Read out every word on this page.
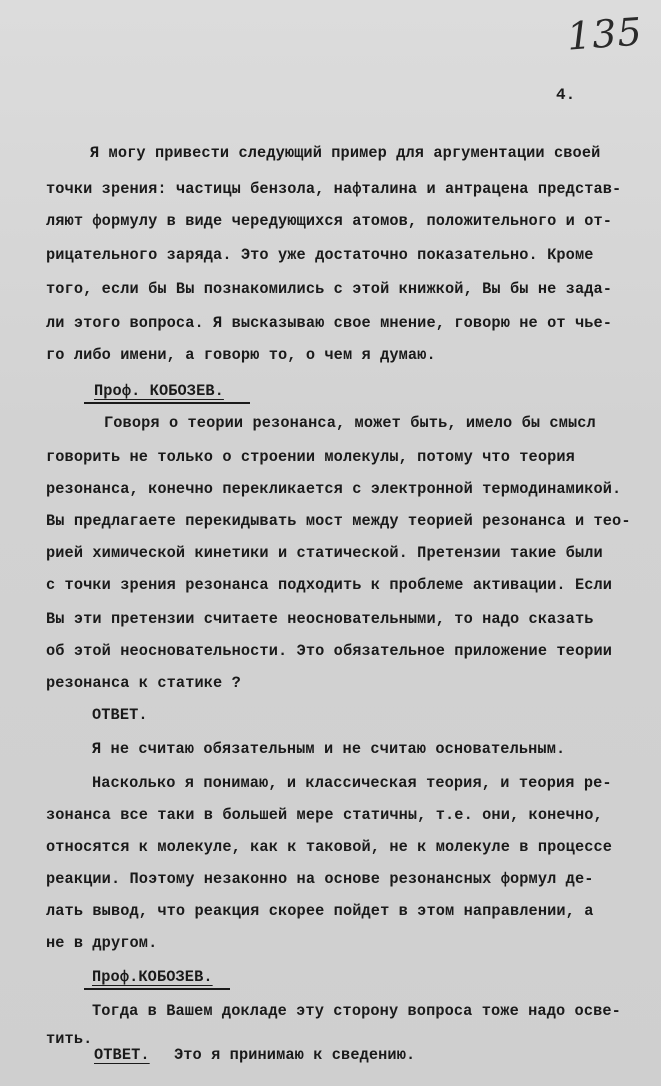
135
4.
Я могу привести следующий пример для аргументации своей
точки зрения: частицы бензола, нафталина и антрацена представ-
ляют формулу в виде чередующихся атомов, положительного и от-
рицательного заряда. Это уже достаточно показательно. Кроме
того, если бы Вы познакомились с этой книжкой, Вы бы не зада-
ли этого вопроса. Я высказываю свое мнение, говорю не от чье-
го либо имени, а говорю то, о чем я думаю.
Проф. КОБОЗЕВ.
Говоря о теории резонанса, может быть, имело бы смысл
говорить не только о строении молекулы, потому что теория
резонанса, конечно перекликается с электронной термодинамикой.
Вы предлагаете перекидывать мост между теорией резонанса и тео-
рией химической кинетики и статической. Претензии такие были
с точки зрения резонанса подходить к проблеме активации. Если
Вы эти претензии считаете неосновательными, то надо сказать
об этой неосновательности. Это обязательное приложение теории
резонанса к статике ?
ОТВЕТ.
Я не считаю обязательным и не считаю основательным.
Насколько я понимаю, и классическая теория, и теория ре-
зонанса все таки в большей мере статичны, т.е. они, конечно,
относятся к молекуле, как к таковой, не к молекуле в процессе
реакции. Поэтому незаконно на основе резонансных формул де-
лать вывод, что реакция скорее пойдет в этом направлении, а
не в другом.
Проф.КОБОЗЕВ.
Тогда в Вашем докладе эту сторону вопроса тоже надо осве-
тить.
ОТВЕТ. Это я принимаю к сведению.
